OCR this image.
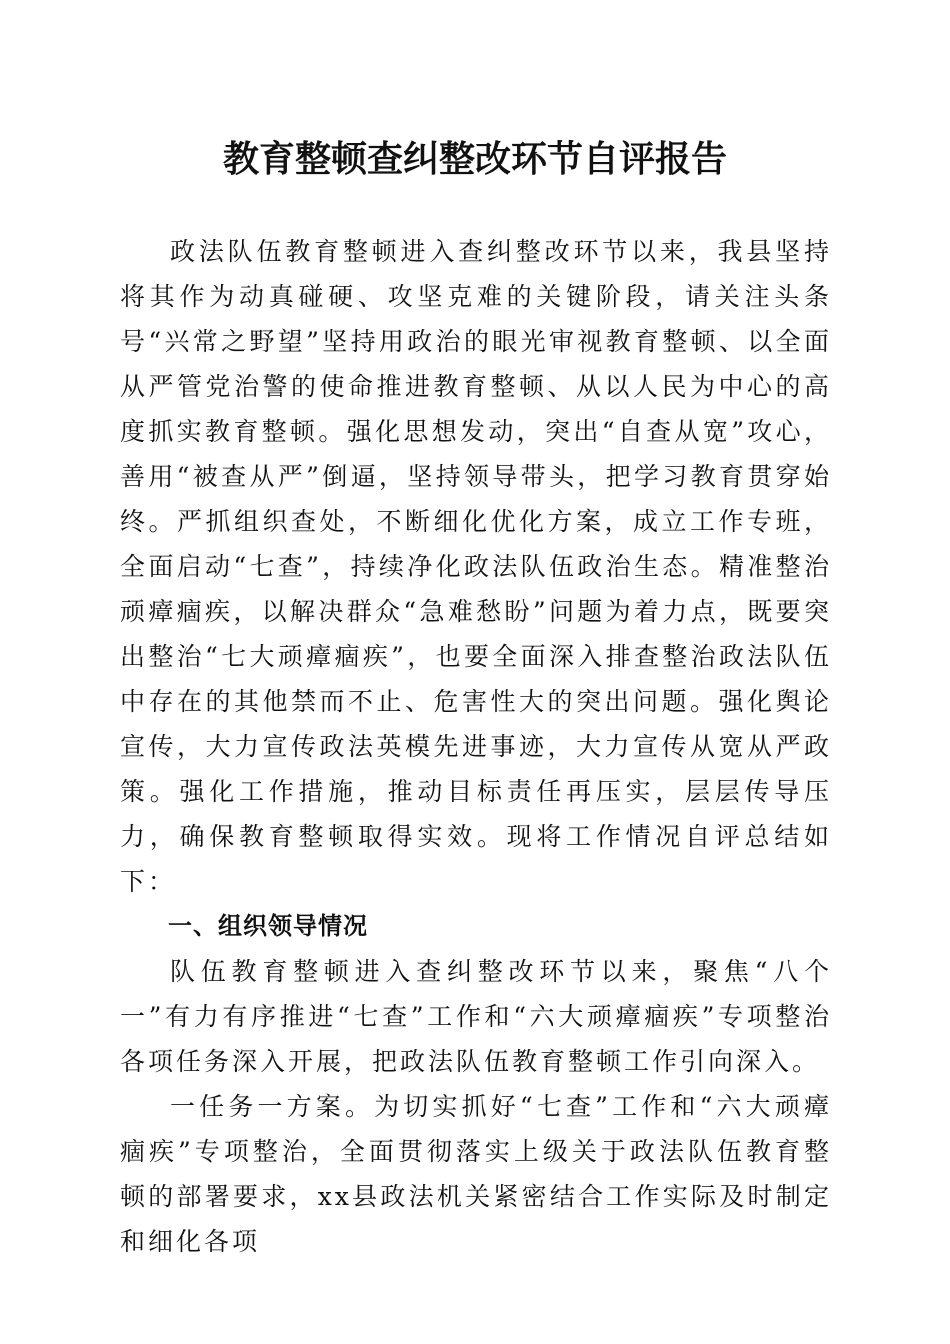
教育整顿查纠整改环节自评报告

政法队伍教育整顿进入查纠整改环节以来，我县坚持将其作为动真碰硬、攻坚克难的关键阶段，请关注头条号“兴常之野望”坚持用政治的眼光审视教育整顿、以全面从严管党治警的使命推进教育整顿、从以人民为中心的高度抓实教育整顿。强化思想发动，突出“自查从宽”攻心，善用“被查从严”倒逼，坚持领导带头，把学习教育贯穿始终。严抓组织查处，不断细化优化方案，成立工作专班，全面启动“七查”，持续净化政法队伍政治生态。精准整治顽瘴痼疾，以解决群众“急难愁盼”问题为着力点，既要突出整治“七大顽瘴痼疾”，也要全面深入排查整治政法队伍中存在的其他禁而不止、危害性大的突出问题。强化舆论宣传，大力宣传政法英模先进事迹，大力宣传从宽从严政策。强化工作措施，推动目标责任再压实，层层传导压力，确保教育整顿取得实效。现将工作情况自评总结如下：

一、组织领导情况

队伍教育整顿进入查纠整改环节以来，聚焦“八个一”有力有序推进“七查”工作和“六大顽瘴痼疾”专项整治各项任务深入开展，把政法队伍教育整顿工作引向深入。

一任务一方案。为切实抓好“七查”工作和“六大顽瘴痼疾”专项整治，全面贯彻落实上级关于政法队伍教育整顿的部署要求，xx县政法机关紧密结合工作实际及时制定和细化各项
